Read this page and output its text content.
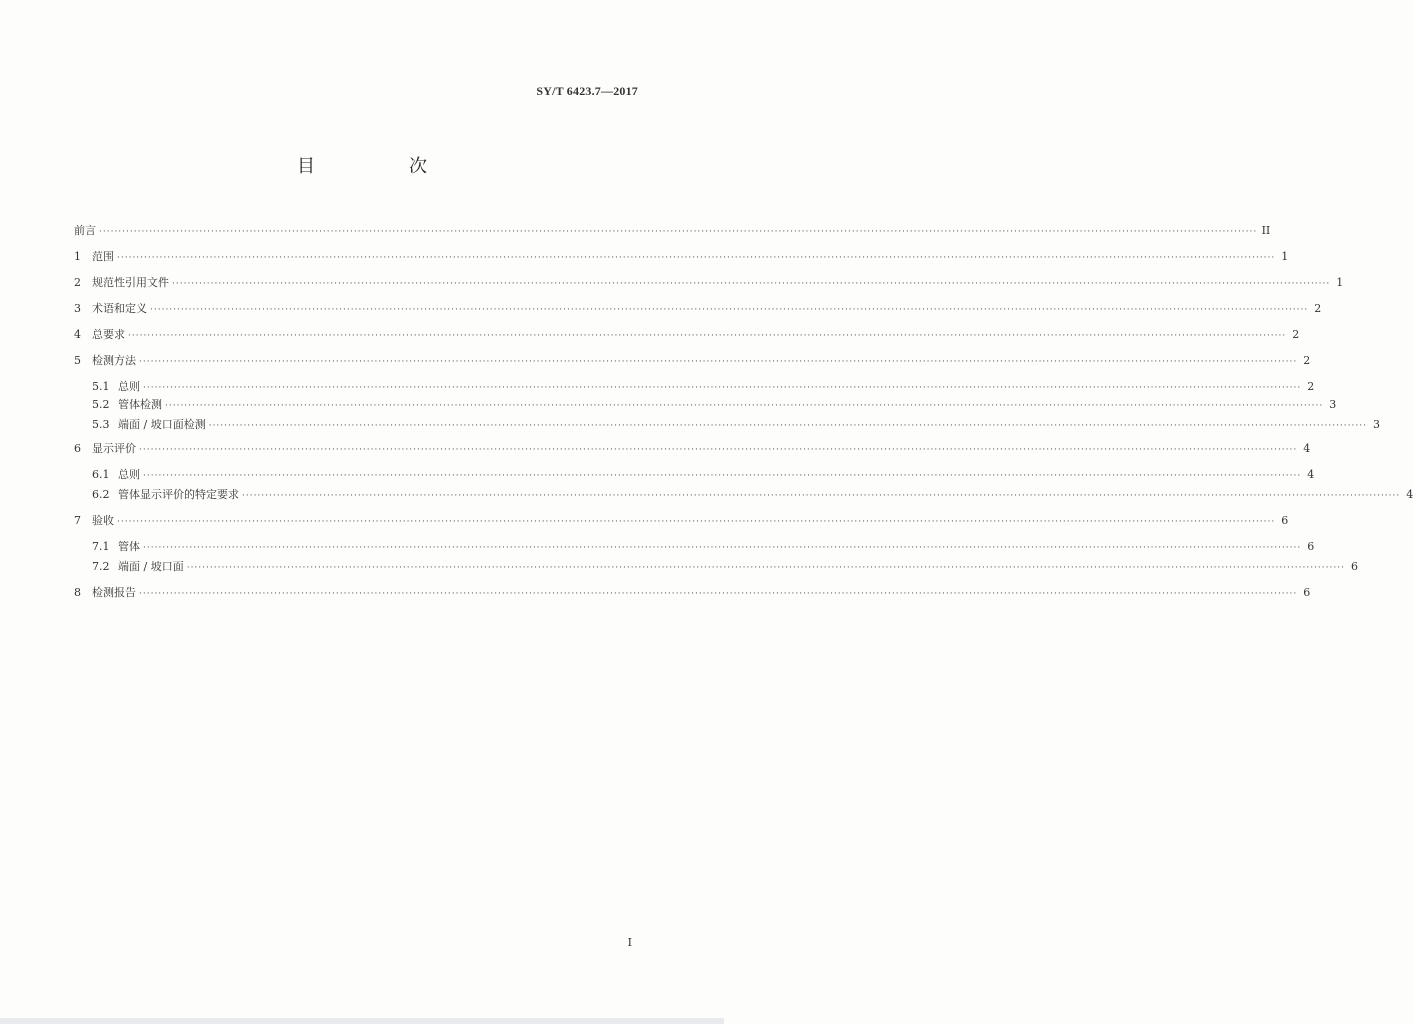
SY/T 6423.7—2017
目　次
前言 ············································································································································································································································································································ II
1	范围 ············································································································································································································································································································ 1
2	规范性引用文件 ············································································································································································································································································································ 1
3	术语和定义 ············································································································································································································································································································ 2
4	总要求 ············································································································································································································································································································ 2
5	检测方法 ············································································································································································································································································································ 2
5.1 总则 ············································································································································································································································································································ 2
5.2 管体检测 ············································································································································································································································································································ 3
5.3 端面 / 坡口面检测 ············································································································································································································································································································ 3
6	显示评价 ············································································································································································································································································································ 4
6.1 总则 ············································································································································································································································································································ 4
6.2 管体显示评价的特定要求 ············································································································································································································································································································ 4
7	验收 ············································································································································································································································································································ 6
7.1 管体 ············································································································································································································································································································ 6
7.2 端面 / 坡口面 ············································································································································································································································································································ 6
8	检测报告 ············································································································································································································································································································ 6
I
